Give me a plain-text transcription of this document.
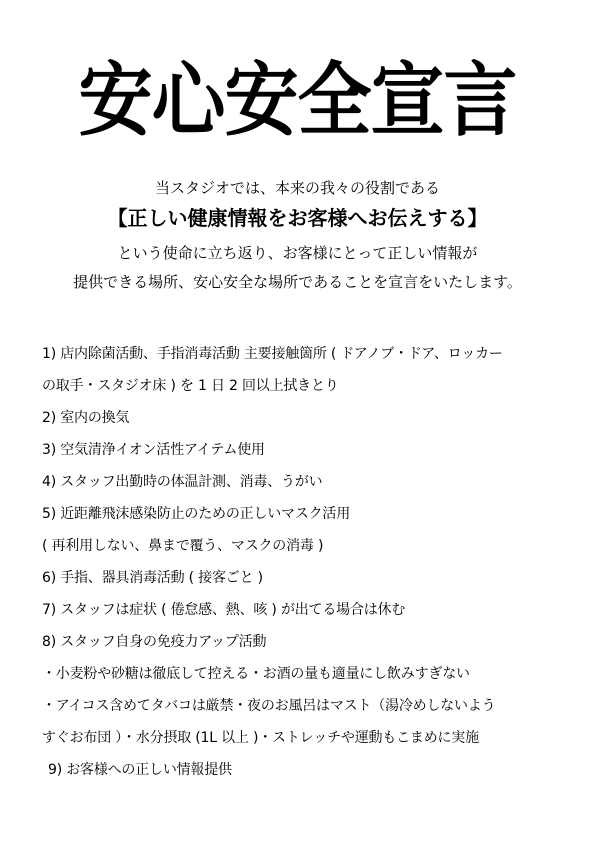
安心安全宣言
当スタジオでは、本来の我々の役割である
【正しい健康情報をお客様へお伝えする】
という使命に立ち返り、お客様にとって正しい情報が
提供できる場所、安心安全な場所であることを宣言をいたします。
1) 店内除菌活動、手指消毒活動 主要接触箇所 ( ドアノブ・ドア、ロッカー
の取手・スタジオ床 ) を 1 日 2 回以上拭きとり
2) 室内の換気
3) 空気清浄イオン活性アイテム使用
4) スタッフ出勤時の体温計測、消毒、うがい
5) 近距離飛沫感染防止のための正しいマスク活用
( 再利用しない、鼻まで覆う、マスクの消毒 )
6) 手指、器具消毒活動 ( 接客ごと )
7) スタッフは症状 ( 倦怠感、熱、咳 ) が出てる場合は休む
8) スタッフ自身の免疫力アップ活動
・小麦粉や砂糖は徹底して控える・お酒の量も適量にし飲みすぎない
・アイコス含めてタバコは厳禁・夜のお風呂はマスト（湯冷めしないよう
すぐお布団 ）・水分摂取 (1L 以上 )・ストレッチや運動もこまめに実施
9) お客様への正しい情報提供
